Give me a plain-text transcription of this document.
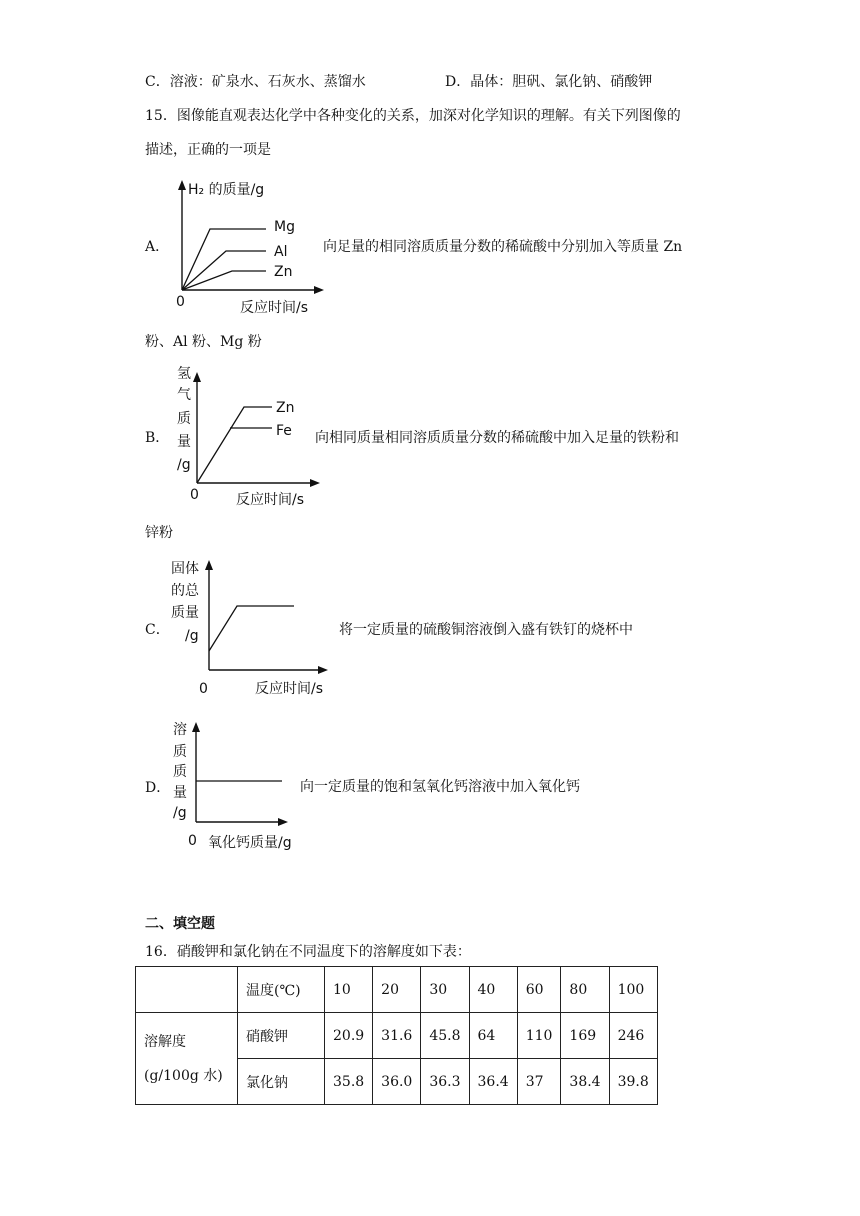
C．溶液：矿泉水、石灰水、蒸馏水	D．晶体：胆矾、氯化钠、硝酸钾
15．图像能直观表达化学中各种变化的关系，加深对化学知识的理解。有关下列图像的
描述，正确的一项是
A．
H₂ 的质量/g
Mg
Al
Zn
0	反应时间/s
向足量的相同溶质质量分数的稀硫酸中分别加入等质量 Zn
粉、Al 粉、Mg 粉
B．
氢
气
质
量
/g
Zn
Fe
0	反应时间/s
向相同质量相同溶质质量分数的稀硫酸中加入足量的铁粉和
锌粉
C．
固体
的总
质量
/g
0	反应时间/s
将一定质量的硫酸铜溶液倒入盛有铁钉的烧杯中
D．
溶
质
质
量
/g
0 氧化钙质量/g
向一定质量的饱和氢氧化钙溶液中加入氧化钙
二、填空题
16．硝酸钾和氯化钠在不同温度下的溶解度如下表：
	温度(℃)	10	20	30	40	60	80	100

溶解度
(g/100g 水)	硝酸钾	20.9	31.6	45.8	64	110	169	246
	氯化钠	35.8	36.0	36.3	36.4	37	38.4	39.8
